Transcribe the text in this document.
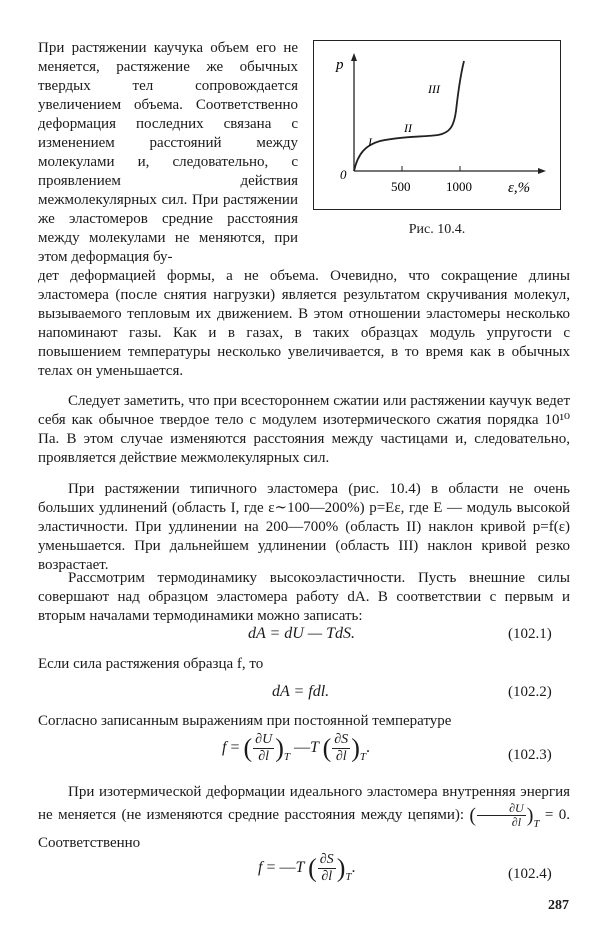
При растяжении каучука объем его не меняется, растяжение же обычных твердых тел сопровождается увеличением объема. Соответственно деформация последних связана с изменением расстояний между молекулами и, следовательно, с проявлением действия межмолекулярных сил. При растяжении же эластомеров средние расстояния между молекулами не меняются, при этом деформация бу-
p
0
500	1000 ε,%
I
II
III
Рис. 10.4.
дет деформацией формы, а не объема. Очевидно, что сокращение длины эластомера (после снятия нагрузки) является результатом скручивания молекул, вызываемого тепловым их движением. В этом отношении эластомеры несколько напоминают газы. Как и в газах, в таких образцах модуль упругости с повышением температуры несколько увеличивается, в то время как в обычных телах он уменьшается.
Следует заметить, что при всестороннем сжатии или растяжении каучук ведет себя как обычное твердое тело с модулем изотермического сжатия порядка 10¹⁰ Па. В этом случае изменяются расстояния между частицами и, следовательно, проявляется действие межмолекулярных сил.
При растяжении типичного эластомера (рис. 10.4) в области не очень больших удлинений (область I, где ε∼100—200%) p=Eε, где E — модуль высокой эластичности. При удлинении на 200—700% (область II) наклон кривой p=f(ε) уменьшается. При дальнейшем удлинении (область III) наклон кривой резко возрастает.
Рассмотрим термодинамику высокоэластичности. Пусть внешние силы совершают над образцом эластомера работу dA. В соответствии с первым и вторым началами термодинамики можно записать:
dA = dU — TdS.	(102.1)
Если сила растяжения образца f, то
dA = fdl.	(102.2)
Согласно записанным выражениям при постоянной температуре
f = ( $\frac{\partial U}{\partial l} )_T$ —T ( $\frac{\partial S}{\partial l} )_T$.	(102.3)
При изотермической деформации идеального эластомера внутренняя энергия не меняется (не изменяются средние расстояния между цепями): ( $\frac{\partial U}{\partial l} )_T = 0$. Соответственно
f = —T ( $\frac{\partial S}{\partial l} )_T$.	(102.4)
287
